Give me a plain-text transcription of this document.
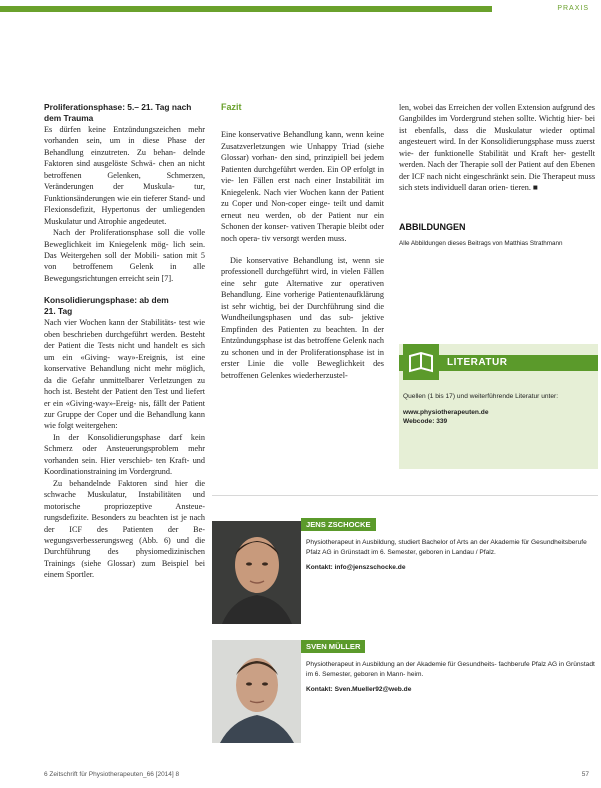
PRAXIS
Proliferationsphase: 5.– 21. Tag nach
dem Trauma

Es dürfen keine Entzündungszeichen mehr vorhanden sein, um in diese Phase der Behandlung einzutreten. Zu behan- delnde Faktoren sind ausgelöste Schwä- chen an nicht betroffenen Gelenken, Schmerzen, Veränderungen der Muskula- tur, Funktionsänderungen wie ein tieferer Stand- und Flexionsdefizit, Hypertonus der umliegenden Muskulatur und Atrophie angedeutet.

Nach der Proliferationsphase soll die volle Beweglichkeit im Kniegelenk mög- lich sein. Das Weitergehen soll der Mobili- sation mit 5 von betroffenem Gelenk in alle Bewegungsrichtungen erreicht sein [7].

Konsolidierungsphase: ab dem
21. Tag

Nach vier Wochen kann der Stabilitäts- test wie oben beschrieben durchgeführt werden. Besteht der Patient die Tests nicht und handelt es sich um ein «Giving- way»-Ereignis, ist eine konservative Behandlung nicht mehr möglich, da die Gefahr unmittelbarer Verletzungen zu hoch ist. Besteht der Patient den Test und liefert er ein «Giving-way»-Ereig- nis, fällt der Patient zur Gruppe der Coper und die Behandlung kann wie folgt weitergehen:

In der Konsolidierungsphase darf kein Schmerz oder Ansteuerungsproblem mehr vorhanden sein. Hier verschieb- ten Kraft- und Koordinationstraining im Vordergrund.

Zu behandelnde Faktoren sind hier die schwache Muskulatur, Instabilitäten und motorische propriozeptive Ansteue- rungsdefizite. Besonders zu beachten ist je nach der ICF des Patienten der Be- wegungsverbesserungsweg (Abb. 6) und die Durchführung des physiomedizinischen Trainings (siehe Glossar) zum Beispiel bei einem Sportler.

Fazit

Eine konservative Behandlung kann, wenn keine Zusatzverletzungen wie Unhappy Triad (siehe Glossar) vorhan- den sind, prinzipiell bei jedem Patienten durchgeführt werden. Ein OP erfolgt in vie- len Fällen erst nach einer Instabilität im Kniegelenk. Nach vier Wochen kann der Patient zu Coper und Non-coper einge- teilt und damit erneut neu werden, ob der Patient nur ein Schonen der konser- vativen Therapie bleibt oder noch opera- tiv versorgt werden muss.

Die konservative Behandlung ist, wenn sie professionell durchgeführt wird, in vielen Fällen eine sehr gute Alternative zur operativen Behandlung. Eine vorherige Patientenaufklärung ist sehr wichtig, bei der Durchführung sind die Wundheilungsphasen und das sub- jektive Empfinden des Patienten zu beachten. In der Entzündungsphase ist das betroffene Gelenk nach zu schonen und in der Proliferationsphase ist in erster Linie die volle Beweglichkeit des betroffenen Gelenkes wiederherzustel-

len, wobei das Erreichen der vollen Extension aufgrund des Gangbildes im Vordergrund stehen sollte. Wichtig hier- bei ist ebenfalls, dass die Muskulatur wieder optimal angesteuert wird. In der Konsolidierungsphase muss zuerst wie- der funktionelle Stabilität und Kraft her- gestellt werden. Nach der Therapie soll der Patient auf den Ebenen der ICF nach nicht eingeschränkt sein. Die Therapeut muss sich stets individuell daran orien- tieren. ■

ABBILDUNGEN
Alle Abbildungen dieses Beitrags von Matthias Strathmann
LITERATUR
Quellen (1 bis 17) und weiterführende Literatur unter:
www.physiotherapeuten.de
Webcode: 339
JENS ZSCHOCKE
Physiotherapeut in Ausbildung, studiert Bachelor of Arts an der Akademie für Gesundheitsberufe Pfalz AG in Grünstadt im 6. Semester, geboren in Landau / Pfalz.
Kontakt: info@jenszschocke.de
SVEN MÜLLER
Physiotherapeut in Ausbildung an der Akademie für Gesundheits- fachberufe Pfalz AG in Grünstadt im 6. Semester, geboren in Mann- heim.
Kontakt: Sven.Mueller92@web.de
6 Zeitschrift für Physiotherapeuten_66 [2014] 8	57
